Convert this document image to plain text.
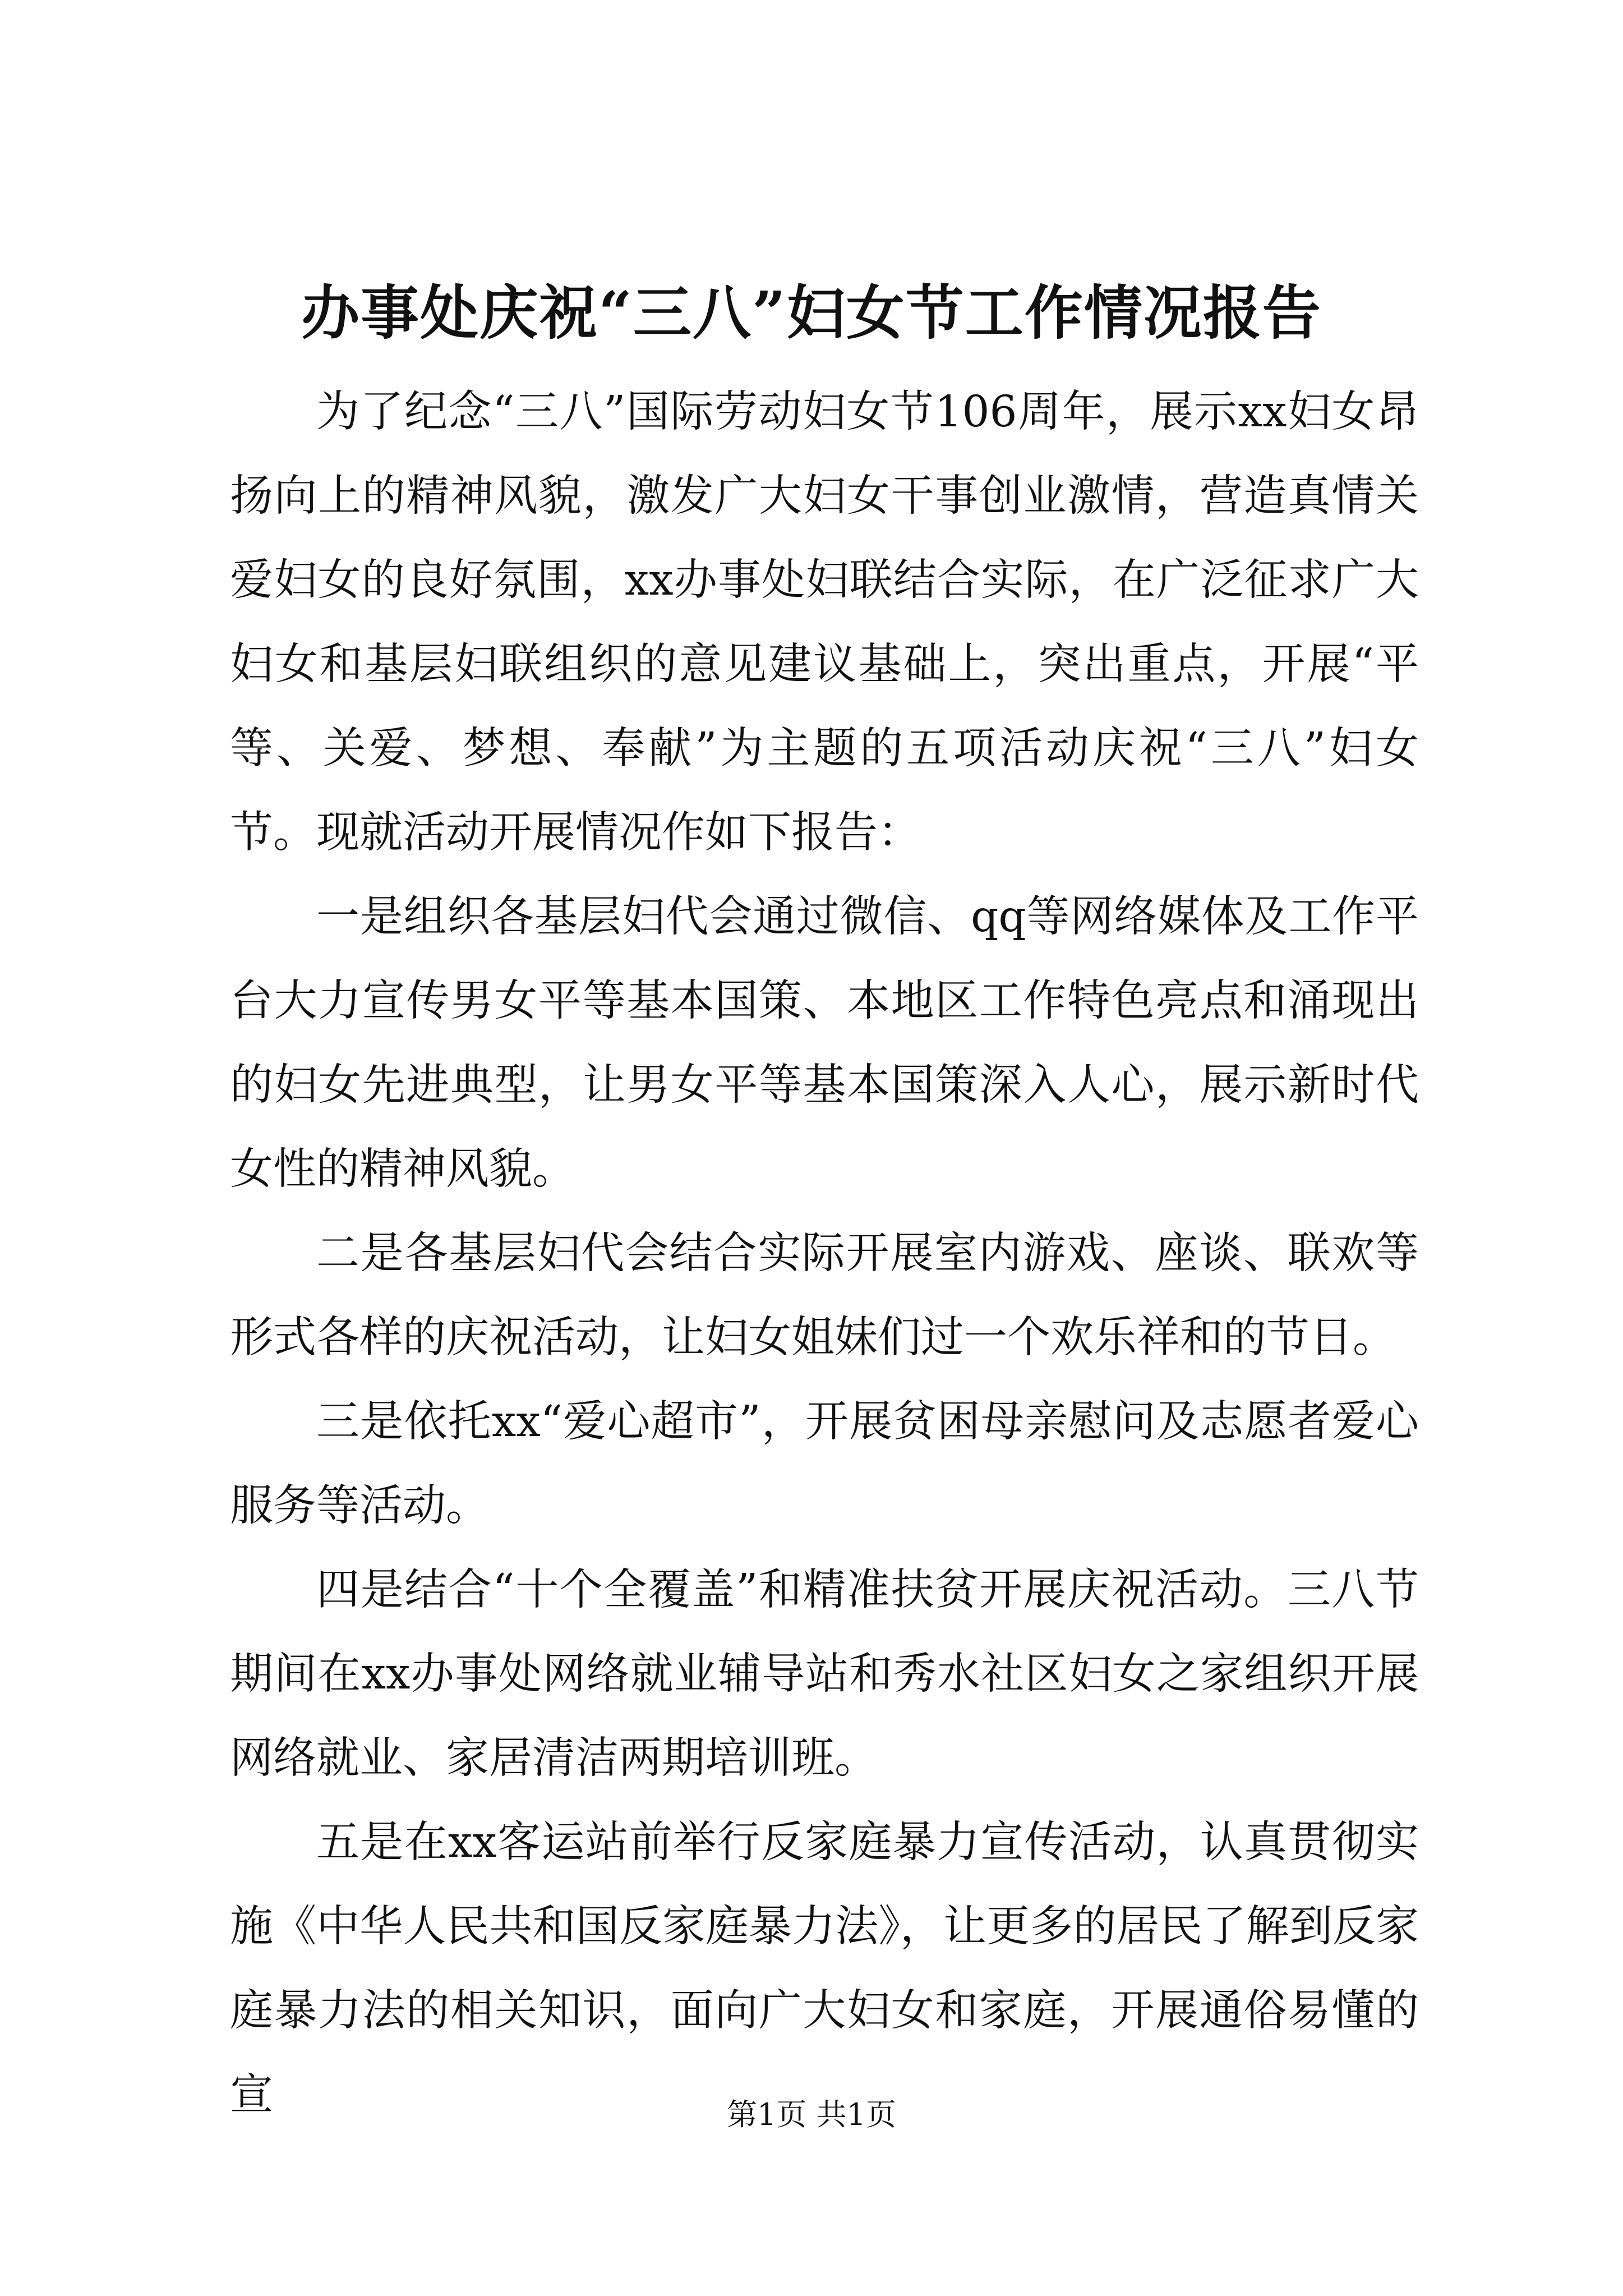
办事处庆祝“三八”妇女节工作情况报告

为了纪念“三八”国际劳动妇女节106周年，展示xx妇女昂扬向上的精神风貌，激发广大妇女干事创业激情，营造真情关爱妇女的良好氛围，xx办事处妇联结合实际，在广泛征求广大妇女和基层妇联组织的意见建议基础上，突出重点，开展“平等、关爱、梦想、奉献”为主题的五项活动庆祝“三八”妇女节。现就活动开展情况作如下报告：

一是组织各基层妇代会通过微信、qq等网络媒体及工作平台大力宣传男女平等基本国策、本地区工作特色亮点和涌现出的妇女先进典型，让男女平等基本国策深入人心，展示新时代女性的精神风貌。

二是各基层妇代会结合实际开展室内游戏、座谈、联欢等形式各样的庆祝活动，让妇女姐妹们过一个欢乐祥和的节日。

三是依托xx“爱心超市”，开展贫困母亲慰问及志愿者爱心服务等活动。

四是结合“十个全覆盖”和精准扶贫开展庆祝活动。三八节期间在xx办事处网络就业辅导站和秀水社区妇女之家组织开展网络就业、家居清洁两期培训班。

五是在xx客运站前举行反家庭暴力宣传活动，认真贯彻实施《中华人民共和国反家庭暴力法》，让更多的居民了解到反家庭暴力法的相关知识，面向广大妇女和家庭，开展通俗易懂的宣	第1页 共1页
